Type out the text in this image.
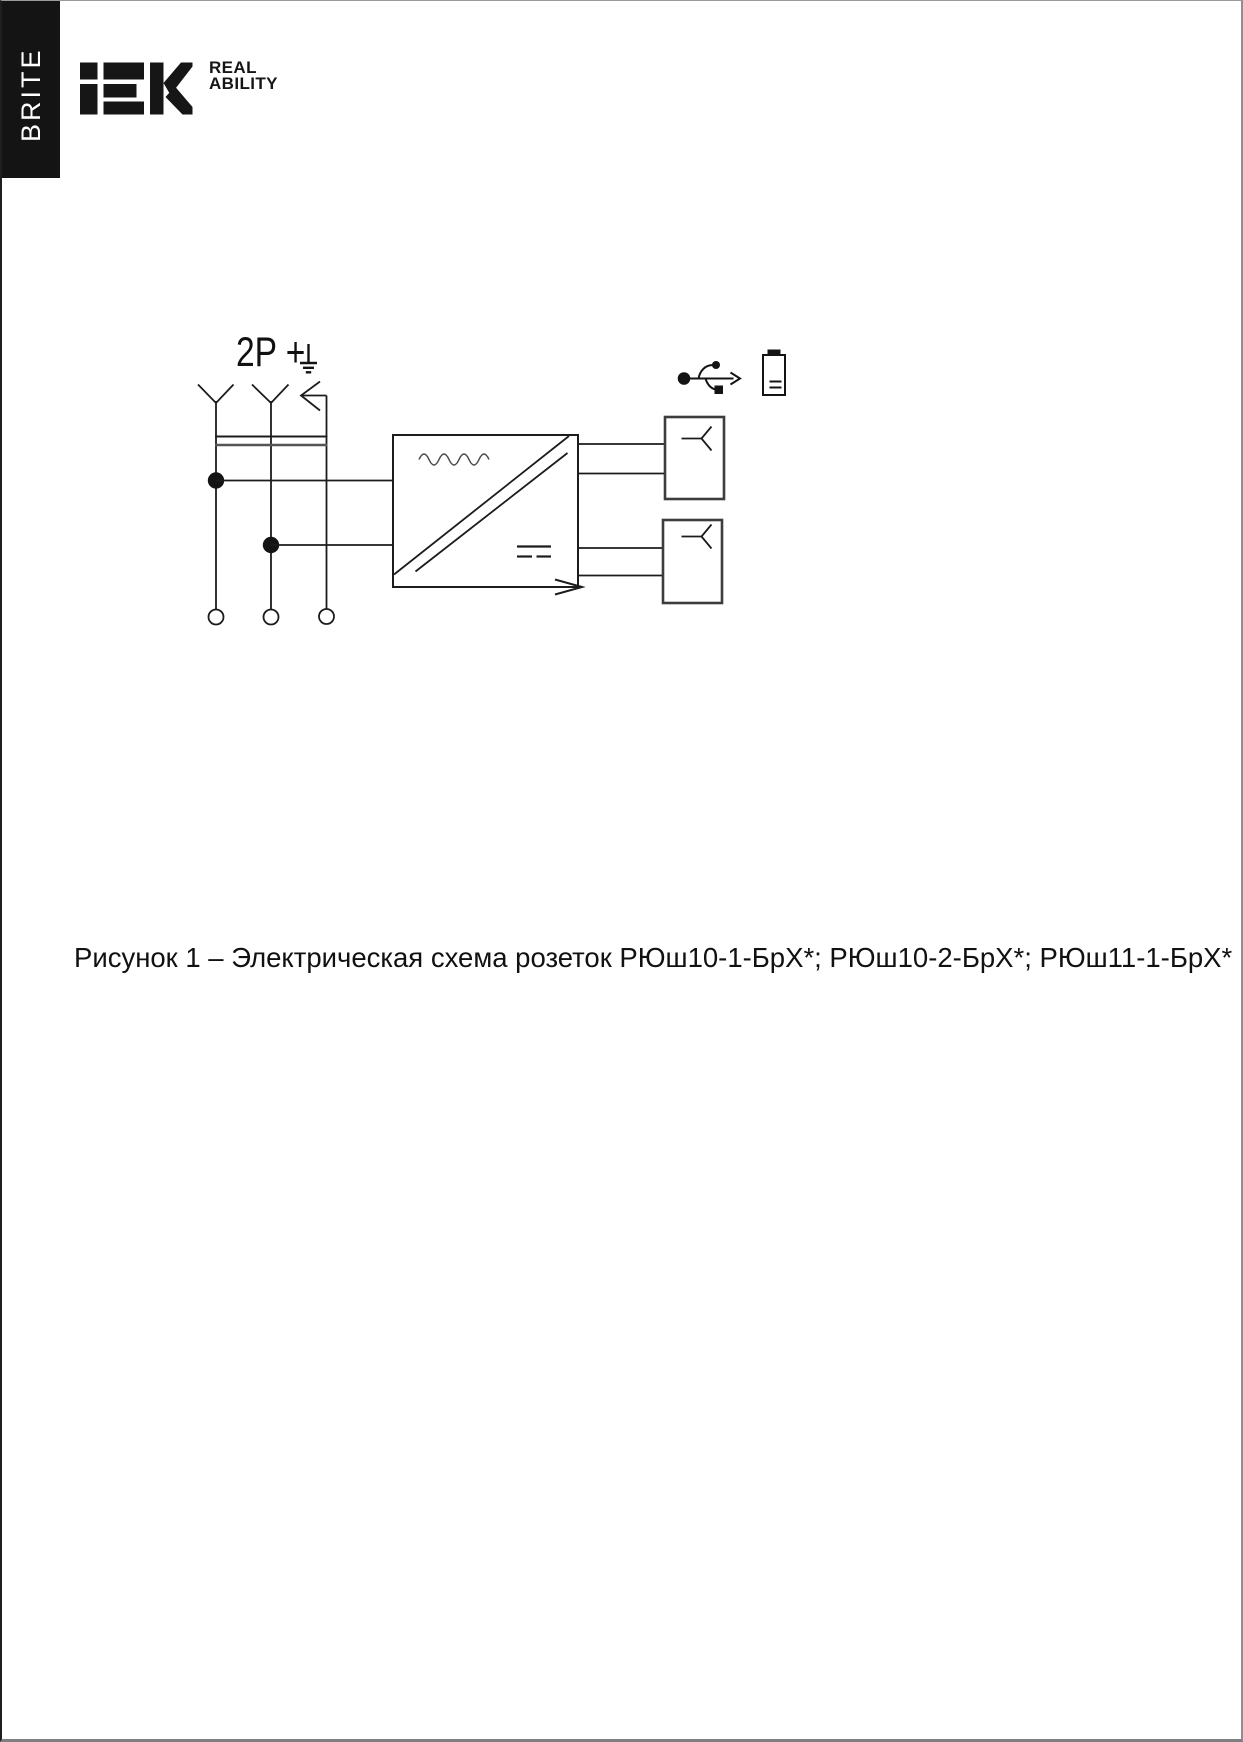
BRITE	REAL
ABILITY
2P +
Рисунок 1 – Электрическая схема розеток РЮш10-1-БрХ*; РЮш10-2-БрХ*; РЮш11-1-БрХ*
